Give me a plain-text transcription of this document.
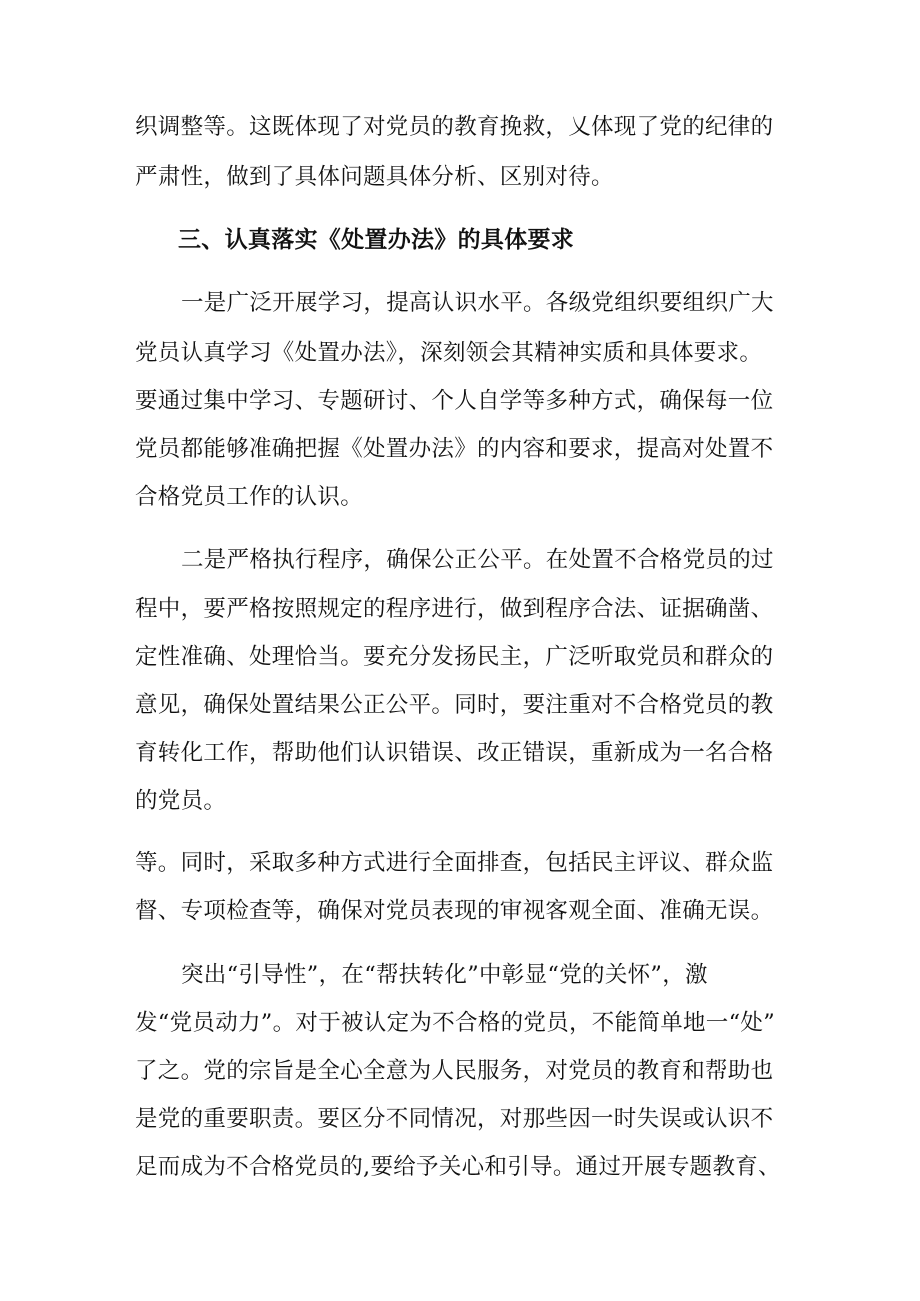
织调整等。这既体现了对党员的教育挽救，乂体现了党的纪律的
严肃性，做到了具体问题具体分析、区别对待。
三、认真落实《处置办法》的具体要求
一是广泛开展学习，提高认识水平。各级党组织要组织广大
党员认真学习《处置办法》，深刻领会其精神实质和具体要求。
要通过集中学习、专题研讨、个人自学等多种方式，确保每一位
党员都能够准确把握《处置办法》的内容和要求，提高对处置不
合格党员工作的认识。
二是严格执行程序，确保公正公平。在处置不合格党员的过
程中，要严格按照规定的程序进行，做到程序合法、证据确凿、
定性准确、处理恰当。要充分发扬民主，广泛听取党员和群众的
意见，确保处置结果公正公平。同时，要注重对不合格党员的教
育转化工作，帮助他们认识错误、改正错误，重新成为一名合格
的党员。
等。同时，采取多种方式进行全面排查，包括民主评议、群众监
督、专项检查等，确保对党员表现的审视客观全面、准确无误。
突出“引导性”，在“帮扶转化”中彰显“党的关怀”，激
发“党员动力”。对于被认定为不合格的党员，不能简单地一“处”
了之。党的宗旨是全心全意为人民服务，对党员的教育和帮助也
是党的重要职责。要区分不同情况，对那些因一时失误或认识不
足而成为不合格党员的,要给予关心和引导。通过开展专题教育、
